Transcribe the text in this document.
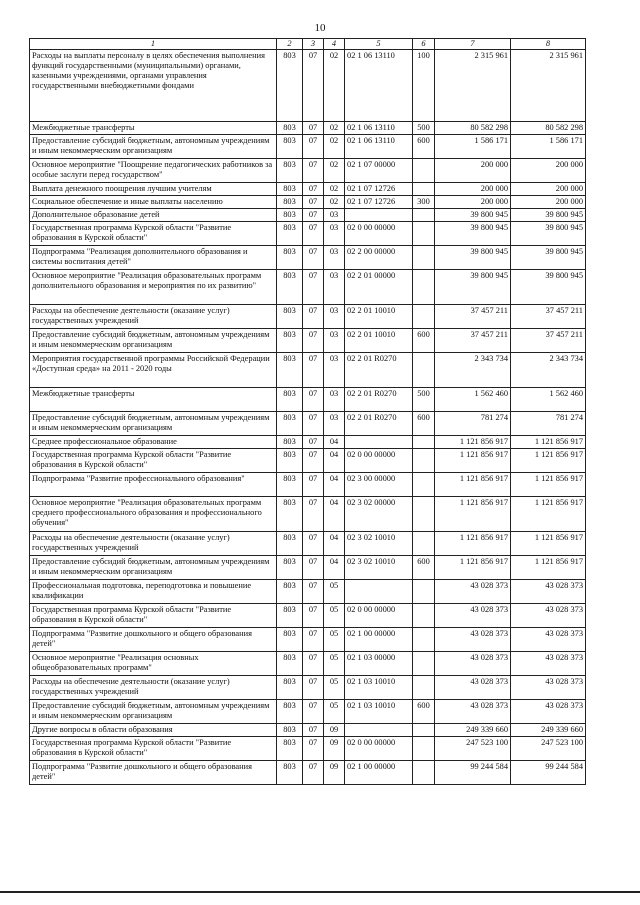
10
1	2	3	4	5	6	7	8
Расходы на выплаты персоналу в целях обеспечения выполнения функций государственными (муниципальными) органами, казенными учреждениями, органами управления государственными внебюджетными фондами	803	07	02	02 1 06 13110	100	2 315 961	2 315 961
Межбюджетные трансферты	803	07	02	02 1 06 13110	500	80 582 298	80 582 298
Предоставление субсидий бюджетным, автономным учреждениям и иным некоммерческим организациям	803	07	02	02 1 06 13110	600	1 586 171	1 586 171
Основное мероприятие "Поощрение педагогических работников за особые заслуги перед государством"	803	07	02	02 1 07 00000		200 000	200 000
Выплата денежного поощрения лучшим учителям	803	07	02	02 1 07 12726		200 000	200 000
Социальное обеспечение и иные выплаты населению	803	07	02	02 1 07 12726	300	200 000	200 000
Дополнительное образование детей	803	07	03			39 800 945	39 800 945
Государственная программа Курской области "Развитие образования в Курской области"	803	07	03	02 0 00 00000		39 800 945	39 800 945
Подпрограмма "Реализация дополнительного образования и системы воспитания детей"	803	07	03	02 2 00 00000		39 800 945	39 800 945
Основное мероприятие "Реализация образовательных программ дополнительного образования и мероприятия по их развитию"	803	07	03	02 2 01 00000		39 800 945	39 800 945
Расходы на обеспечение деятельности (оказание услуг) государственных учреждений	803	07	03	02 2 01 10010		37 457 211	37 457 211
Предоставление субсидий бюджетным, автономным учреждениям и иным некоммерческим организациям	803	07	03	02 2 01 10010	600	37 457 211	37 457 211
Мероприятия государственной программы Российской Федерации «Доступная среда» на 2011 - 2020 годы	803	07	03	02 2 01 R0270		2 343 734	2 343 734
Межбюджетные трансферты	803	07	03	02 2 01 R0270	500	1 562 460	1 562 460
Предоставление субсидий бюджетным, автономным учреждениям и иным некоммерческим организациям	803	07	03	02 2 01 R0270	600	781 274	781 274
Среднее профессиональное образование	803	07	04			1 121 856 917	1 121 856 917
Государственная программа Курской области "Развитие образования в Курской области"	803	07	04	02 0 00 00000		1 121 856 917	1 121 856 917
Подпрограмма "Развитие профессионального образования"	803	07	04	02 3 00 00000		1 121 856 917	1 121 856 917
Основное мероприятие "Реализация образовательных программ среднего профессионального образования и профессионального обучения"	803	07	04	02 3 02 00000		1 121 856 917	1 121 856 917
Расходы на обеспечение деятельности (оказание услуг) государственных учреждений	803	07	04	02 3 02 10010		1 121 856 917	1 121 856 917
Предоставление субсидий бюджетным, автономным учреждениям и иным некоммерческим организациям	803	07	04	02 3 02 10010	600	1 121 856 917	1 121 856 917
Профессиональная подготовка, переподготовка и повышение квалификации	803	07	05			43 028 373	43 028 373
Государственная программа Курской области "Развитие образования в Курской области"	803	07	05	02 0 00 00000		43 028 373	43 028 373
Подпрограмма "Развитие дошкольного и общего образования детей"	803	07	05	02 1 00 00000		43 028 373	43 028 373
Основное мероприятие "Реализация основных общеобразовательных программ"	803	07	05	02 1 03 00000		43 028 373	43 028 373
Расходы на обеспечение деятельности (оказание услуг) государственных учреждений	803	07	05	02 1 03 10010		43 028 373	43 028 373
Предоставление субсидий бюджетным, автономным учреждениям и иным некоммерческим организациям	803	07	05	02 1 03 10010	600	43 028 373	43 028 373
Другие вопросы в области образования	803	07	09			249 339 660	249 339 660
Государственная программа Курской области "Развитие образования в Курской области"	803	07	09	02 0 00 00000		247 523 100	247 523 100
Подпрограмма "Развитие дошкольного и общего образования детей"	803	07	09	02 1 00 00000		99 244 584	99 244 584
